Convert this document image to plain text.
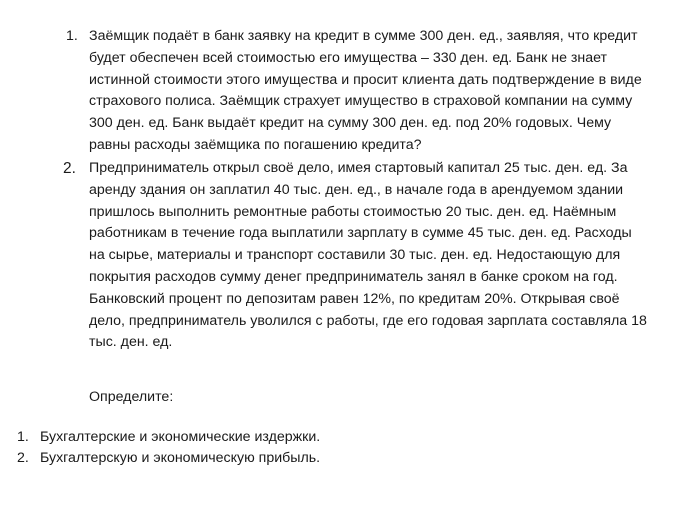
1. Заёмщик подаёт в банк заявку на кредит в сумме 300 ден. ед., заявляя, что кредит
будет обеспечен всей стоимостью его имущества – 330 ден. ед. Банк не знает
истинной стоимости этого имущества и просит клиента дать подтверждение в виде
страхового полиса. Заёмщик страхует имущество в страховой компании на сумму
300 ден. ед. Банк выдаёт кредит на сумму 300 ден. ед. под 20% годовых. Чему
равны расходы заёмщика по погашению кредита?
2. Предприниматель открыл своё дело, имея стартовый капитал 25 тыс. ден. ед. За
аренду здания он заплатил 40 тыс. ден. ед., в начале года в арендуемом здании
пришлось выполнить ремонтные работы стоимостью 20 тыс. ден. ед. Наёмным
работникам в течение года выплатили зарплату в сумме 45 тыс. ден. ед. Расходы
на сырье, материалы и транспорт составили 30 тыс. ден. ед. Недостающую для
покрытия расходов сумму денег предприниматель занял в банке сроком на год.
Банковский процент по депозитам равен 12%, по кредитам 20%. Открывая своё
дело, предприниматель уволился с работы, где его годовая зарплата составляла 18
тыс. ден. ед.
Определите:
1. Бухгалтерские и экономические издержки.
2. Бухгалтерскую и экономическую прибыль.
